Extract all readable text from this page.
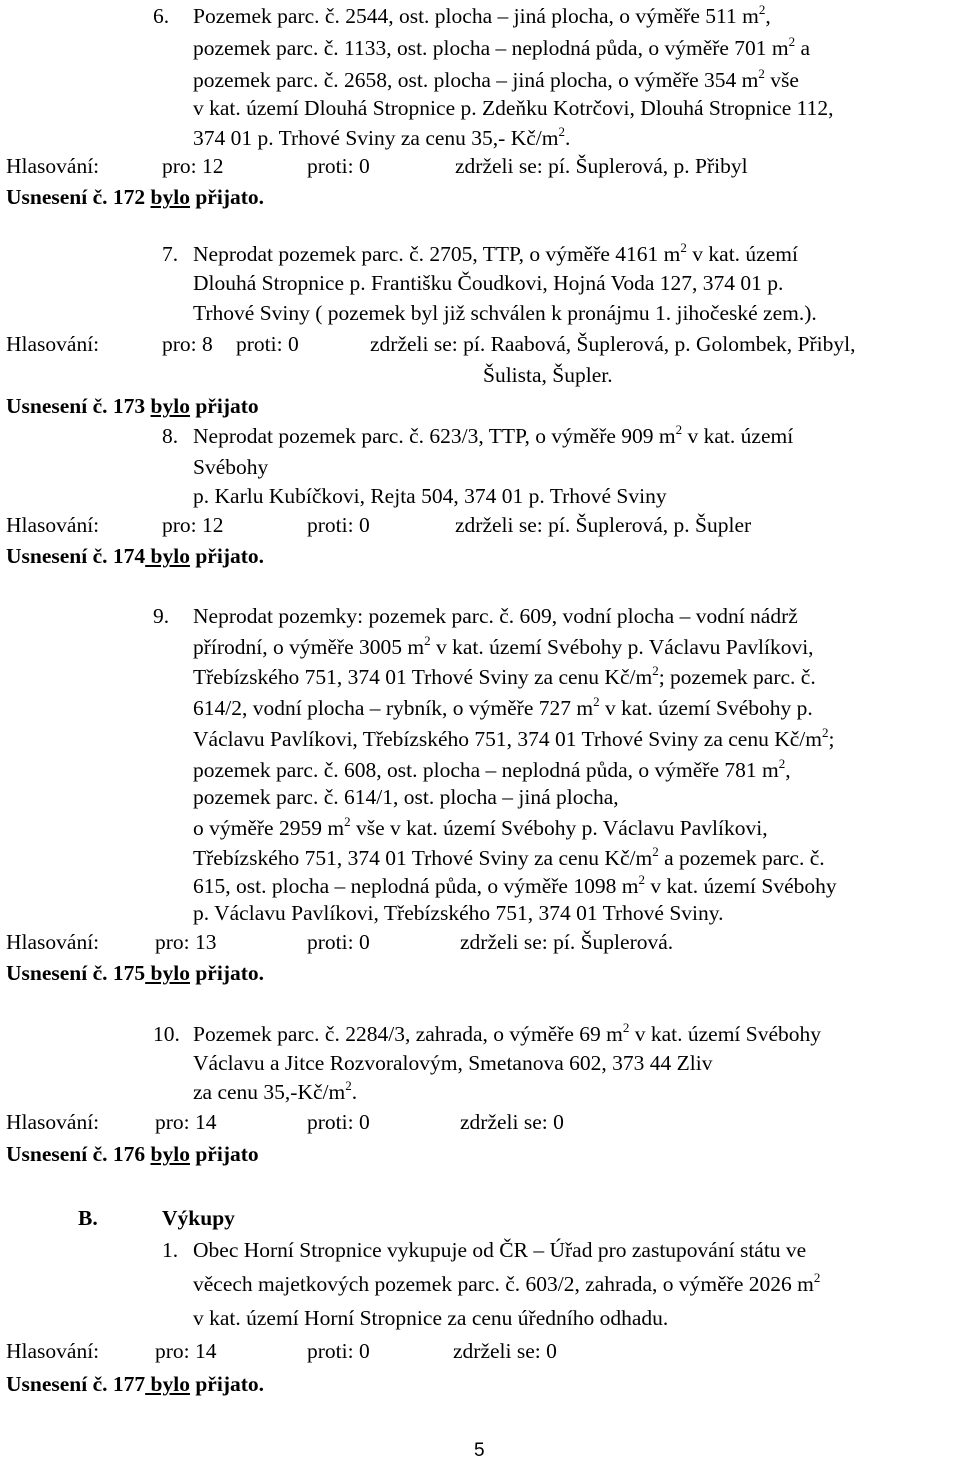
6. Pozemek parc. č. 2544, ost. plocha – jiná plocha, o výměře 511 $m^2$,
pozemek parc. č. 1133, ost. plocha – neplodná půda, o výměře 701 $m^2$ a
pozemek parc. č. 2658, ost. plocha – jiná plocha, o výměře 354 $m^2$ vše
v kat. území Dlouhá Stropnice p. Zdeňku Kotrčovi, Dlouhá Stropnice 112,
374 01 p. Trhové Sviny za cenu 35,- $Kč/m^2$.
Hlasování:	pro: 12	proti: 0	zdrželi se: pí. Šuplerová, p. Přibyl
Usnesení č. 172 bylo přijato.
7. Neprodat pozemek parc. č. 2705, TTP, o výměře 4161 $m^2$ v kat. území
Dlouhá Stropnice p. Františku Čoudkovi, Hojná Voda 127, 374 01 p.
Trhové Sviny ( pozemek byl již schválen k pronájmu 1. jihočeské zem.).
Hlasování:	pro: 8 proti: 0	zdrželi se: pí. Raabová, Šuplerová, p. Golombek, Přibyl,
Šulista, Šupler.
Usnesení č. 173 bylo přijato
8. Neprodat pozemek parc. č. 623/3, TTP, o výměře 909 $m^2$ v kat. území
Svébohy
p. Karlu Kubíčkovi, Rejta 504, 374 01 p. Trhové Sviny
Hlasování:	pro: 12	proti: 0	zdrželi se: pí. Šuplerová, p. Šupler
Usnesení č. 174 bylo přijato.
9. Neprodat pozemky: pozemek parc. č. 609, vodní plocha – vodní nádrž
přírodní, o výměře 3005 $m^2$ v kat. území Svébohy p. Václavu Pavlíkovi,
Třebízského 751, 374 01 Trhové Sviny za cenu $Kč/m^2$; pozemek parc. č.
614/2, vodní plocha – rybník, o výměře 727 $m^2$ v kat. území Svébohy p.
Václavu Pavlíkovi, Třebízského 751, 374 01 Trhové Sviny za cenu $Kč/m^2$;
pozemek parc. č. 608, ost. plocha – neplodná půda, o výměře 781 $m^2$,
pozemek parc. č. 614/1, ost. plocha – jiná plocha,
o výměře 2959 $m^2$ vše v kat. území Svébohy p. Václavu Pavlíkovi,
Třebízského 751, 374 01 Trhové Sviny za cenu $Kč/m^2$ a pozemek parc. č.
615, ost. plocha – neplodná půda, o výměře 1098 $m^2$ v kat. území Svébohy
p. Václavu Pavlíkovi, Třebízského 751, 374 01 Trhové Sviny.
Hlasování:	pro: 13	proti: 0	zdrželi se: pí. Šuplerová.
Usnesení č. 175 bylo přijato.
10. Pozemek parc. č. 2284/3, zahrada, o výměře 69 $m^2$ v kat. území Svébohy
Václavu a Jitce Rozvoralovým, Smetanova 602, 373 44 Zliv
za cenu $35,-Kč/m^2$.
Hlasování:	pro: 14	proti: 0	zdrželi se: 0
Usnesení č. 176 bylo přijato
B.	Výkupy
1. Obec Horní Stropnice vykupuje od ČR – Úřad pro zastupování státu ve
věcech majetkových pozemek parc. č. 603/2, zahrada, o výměře 2026 $m^2$
v kat. území Horní Stropnice za cenu úředního odhadu.
Hlasování:	pro: 14	proti: 0	zdrželi se: 0
Usnesení č. 177 bylo přijato.
5
